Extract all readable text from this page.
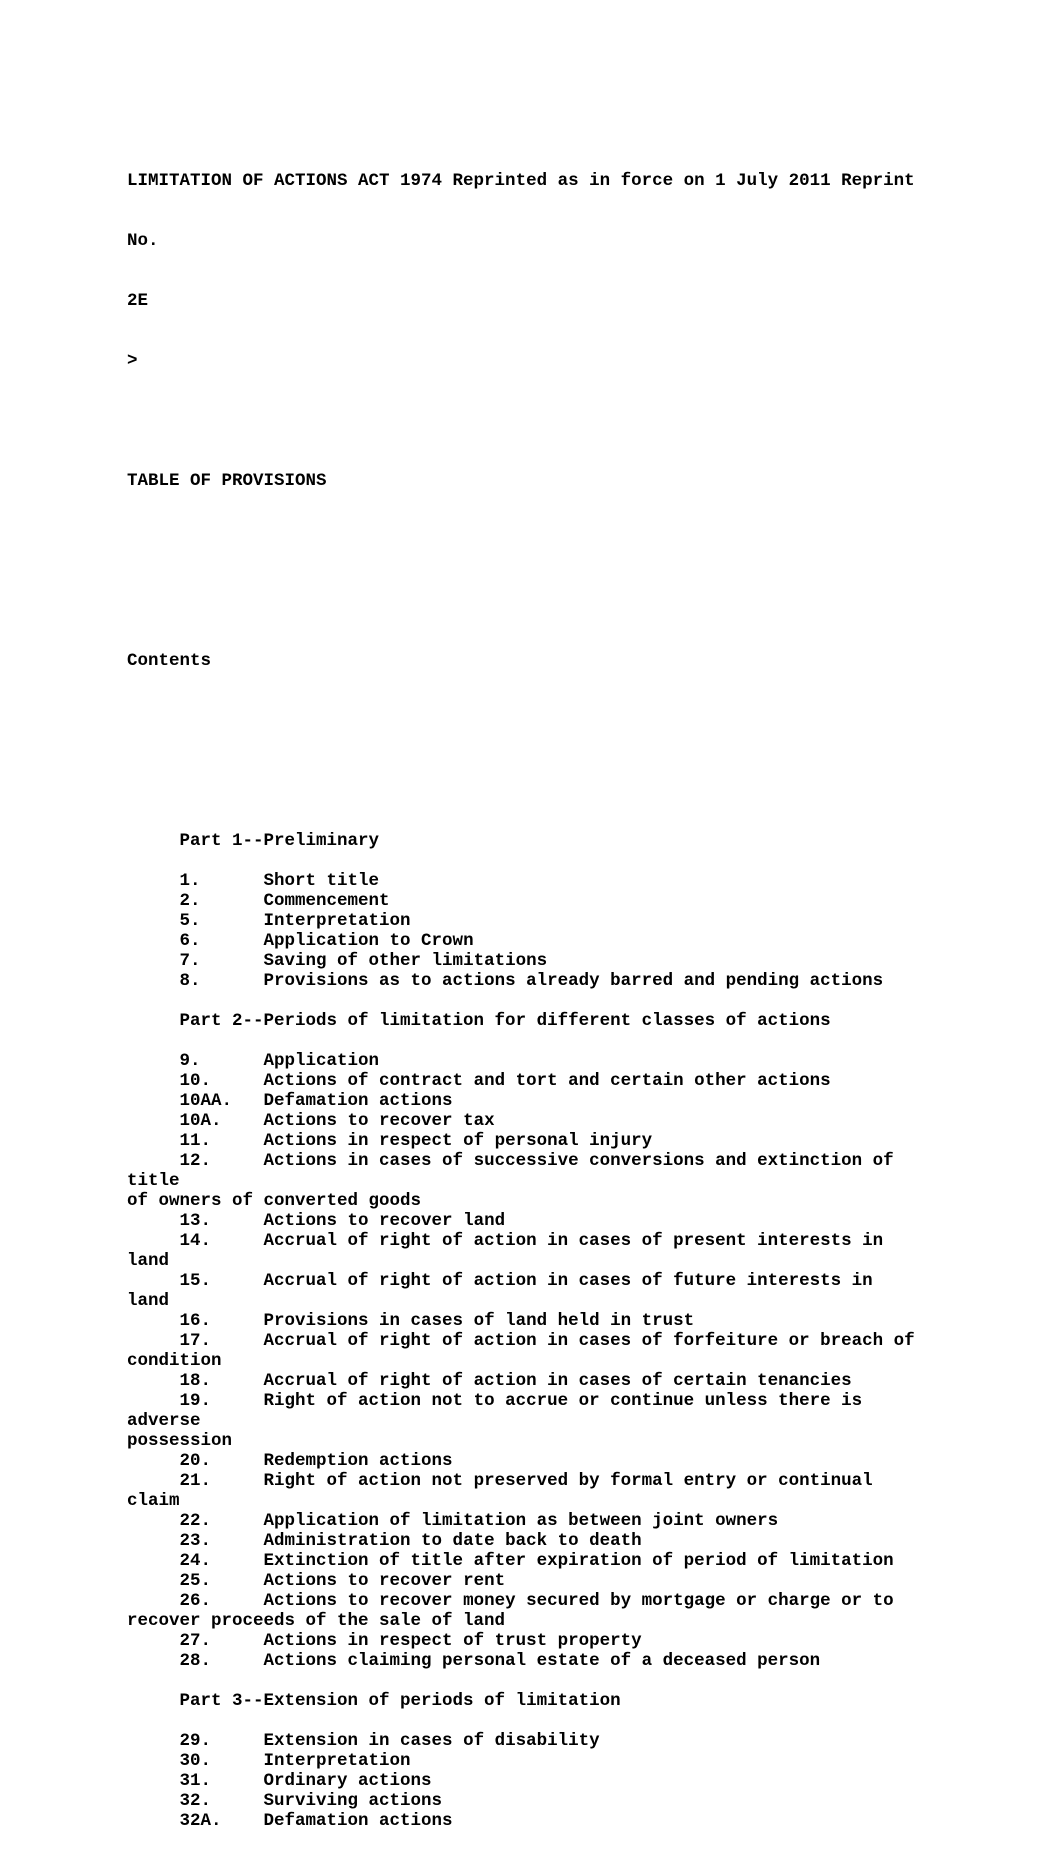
LIMITATION OF ACTIONS ACT 1974 Reprinted as in force on 1 July 2011 Reprint

No.

2E

>

TABLE OF PROVISIONS

Contents

Part 1--Preliminary
1.      Short title
2.      Commencement
5.      Interpretation
6.      Application to Crown
7.      Saving of other limitations
8.      Provisions as to actions already barred and pending actions
Part 2--Periods of limitation for different classes of actions
9.      Application
10.     Actions of contract and tort and certain other actions
10AA.   Defamation actions
10A.    Actions to recover tax
11.     Actions in respect of personal injury
12.     Actions in cases of successive conversions and extinction of
title
of owners of converted goods
13.     Actions to recover land
14.     Accrual of right of action in cases of present interests in
land
15.     Accrual of right of action in cases of future interests in
land
16.     Provisions in cases of land held in trust
17.     Accrual of right of action in cases of forfeiture or breach of
condition
18.     Accrual of right of action in cases of certain tenancies
19.     Right of action not to accrue or continue unless there is
adverse
possession
20.     Redemption actions
21.     Right of action not preserved by formal entry or continual
claim
22.     Application of limitation as between joint owners
23.     Administration to date back to death
24.     Extinction of title after expiration of period of limitation
25.     Actions to recover rent
26.     Actions to recover money secured by mortgage or charge or to
recover proceeds of the sale of land
27.     Actions in respect of trust property
28.     Actions claiming personal estate of a deceased person
Part 3--Extension of periods of limitation
29.     Extension in cases of disability
30.     Interpretation
31.     Ordinary actions
32.     Surviving actions
32A.    Defamation actions
